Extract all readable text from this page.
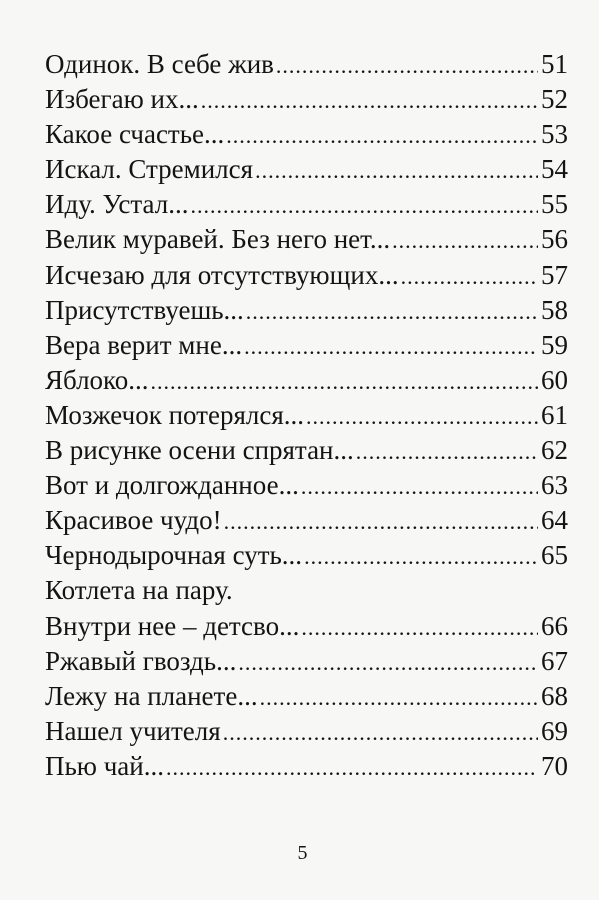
Одинок. В себе жив .....	51
Избегаю их... .....	52
Какое счастье... .....	53
Искал. Стремился .....	54
Иду. Устал... .....	55
Велик муравей. Без него нет... .....	56
Исчезаю для отсутствующих... .....	57
Присутствуешь... .....	58
Вера верит мне... .....	59
Яблоко... .....	60
Мозжечок потерялся... .....	61
В рисунке осени спрятан... .....	62
Вот и долгожданное... .....	63
Красивое чудо! .....	64
Чернодырочная суть... .....	65
Котлета на пару.
Внутри нее – детсво... .....	66
Ржавый гвоздь... .....	67
Лежу на планете... .....	68
Нашел учителя .....	69
Пью чай... .....	70
5
